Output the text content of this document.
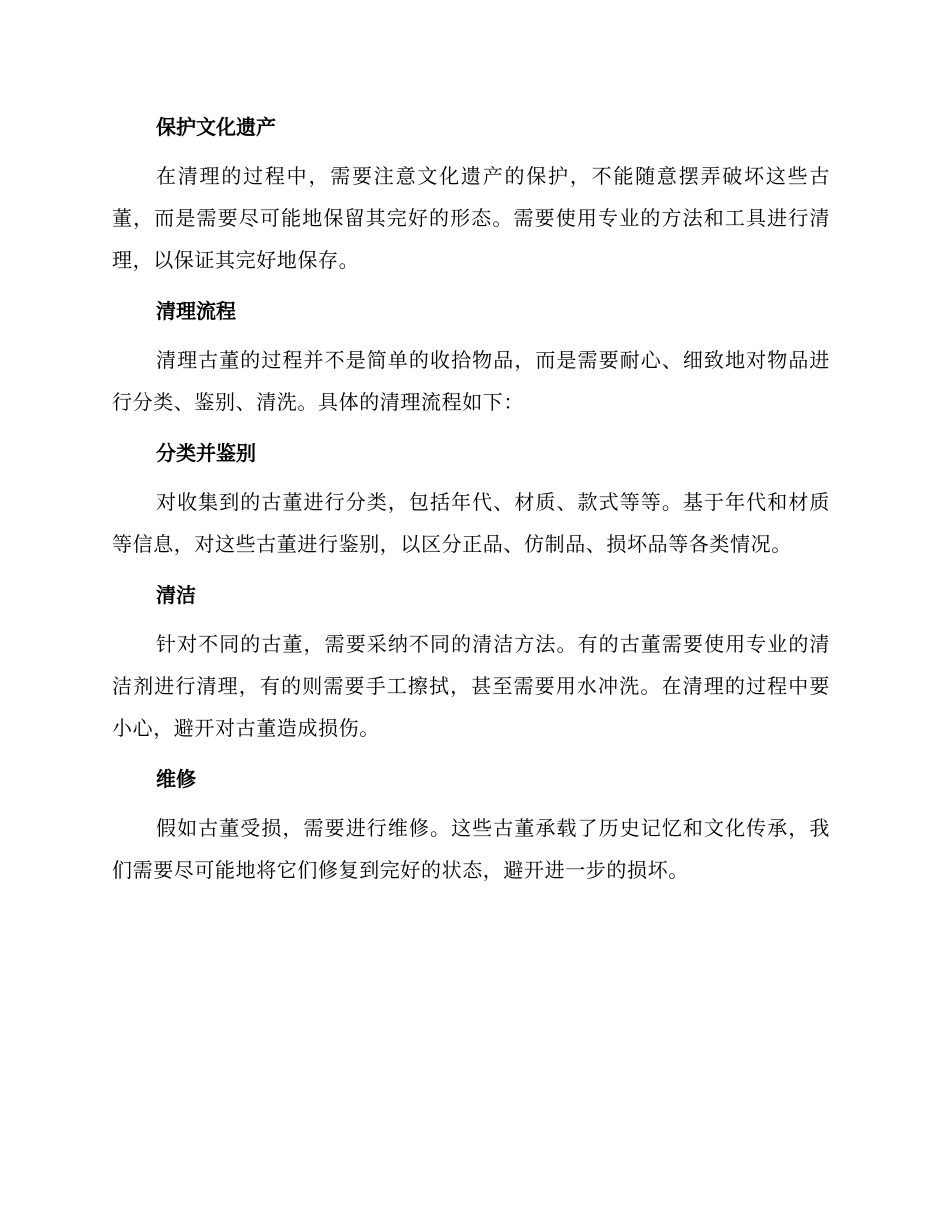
保护文化遗产

在清理的过程中，需要注意文化遗产的保护，不能随意摆弄破坏这些古董，而是需要尽可能地保留其完好的形态。需要使用专业的方法和工具进行清理，以保证其完好地保存。

清理流程

清理古董的过程并不是简单的收拾物品，而是需要耐心、细致地对物品进行分类、鉴别、清洗。具体的清理流程如下：

分类并鉴别

对收集到的古董进行分类，包括年代、材质、款式等等。基于年代和材质等信息，对这些古董进行鉴别，以区分正品、仿制品、损坏品等各类情况。

清洁

针对不同的古董，需要采纳不同的清洁方法。有的古董需要使用专业的清洁剂进行清理，有的则需要手工擦拭，甚至需要用水冲洗。在清理的过程中要小心，避开对古董造成损伤。

维修

假如古董受损，需要进行维修。这些古董承载了历史记忆和文化传承，我们需要尽可能地将它们修复到完好的状态，避开进一步的损坏。
